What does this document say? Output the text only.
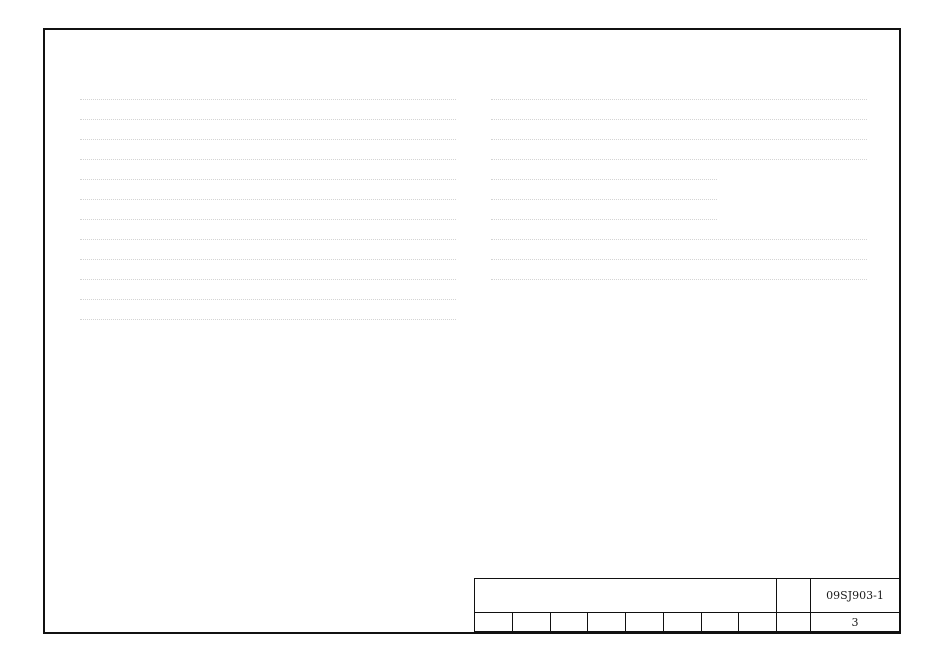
09SJ903-1
3
